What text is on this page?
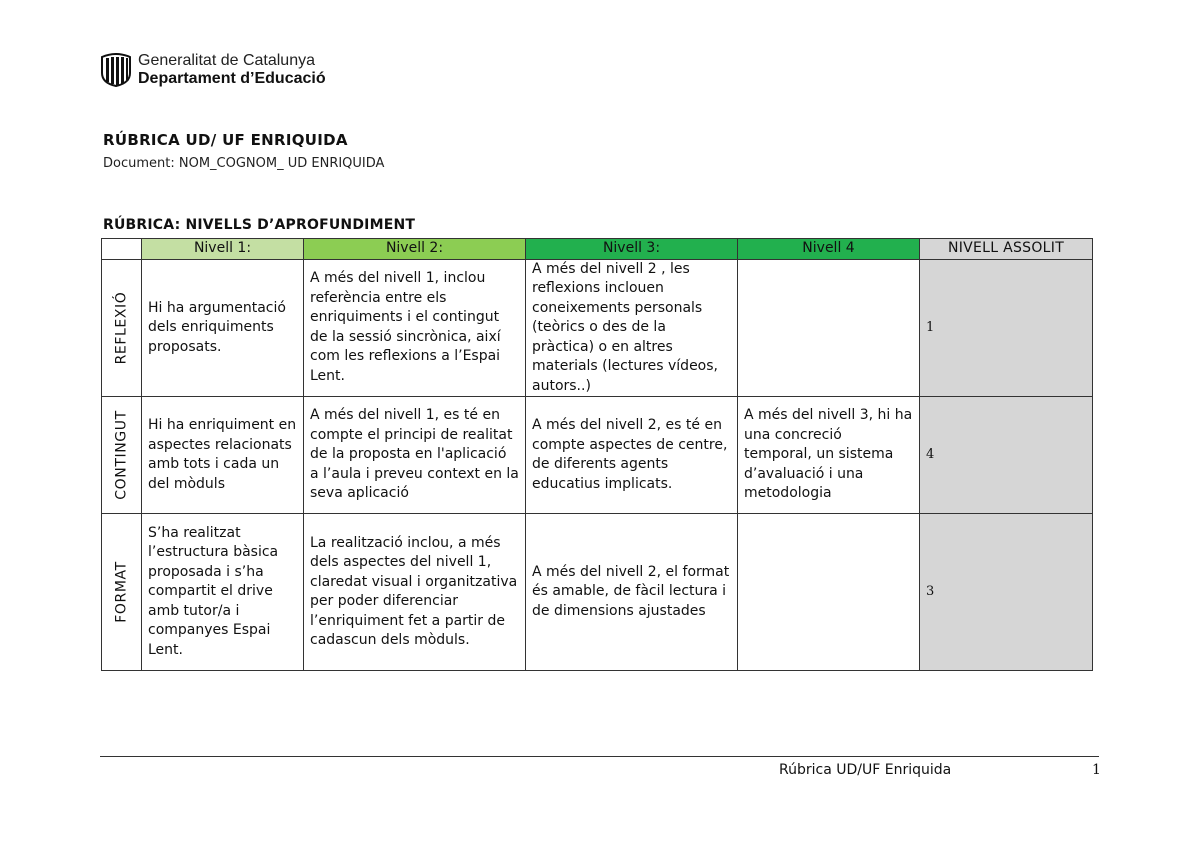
Generalitat de Catalunya
Departament d’Educació
RÚBRICA UD/ UF ENRIQUIDA
Document: NOM_COGNOM_ UD ENRIQUIDA
RÚBRICA: NIVELLS D’APROFUNDIMENT
	Nivell 1:	Nivell 2:	Nivell 3:	Nivell 4	NIVELL ASSOLIT

REFLEXIÓ	Hi ha argumentació dels enriquiments proposats.	A més del nivell 1, inclou referència entre els enriquiments i el contingut de la sessió sincrònica, així com les reflexions a l’Espai Lent.	A més del nivell 2 , les reflexions inclouen coneixements personals (teòrics o des de la pràctica) o en altres materials (lectures vídeos, autors..)		1

CONTINGUT	Hi ha enriquiment en aspectes relacionats amb tots i cada un del mòduls	A més del nivell 1, es té en compte el principi de realitat de la proposta en l'aplicació a l’aula i preveu context en la seva aplicació	A més del nivell 2, es té en compte aspectes de centre, de diferents agents educatius implicats.	A més del nivell 3, hi ha una concreció temporal, un sistema d’avaluació i una metodologia	4

FORMAT	S’ha realitzat l’estructura bàsica proposada i s’ha compartit el drive amb tutor/a i companyes Espai Lent.	La realització inclou, a més dels aspectes del nivell 1, claredat visual i organitzativa per poder diferenciar l’enriquiment fet a partir de cadascun dels mòduls.	A més del nivell 2, el format és amable, de fàcil lectura i de dimensions ajustades		3
Rúbrica UD/UF Enriquida	1
